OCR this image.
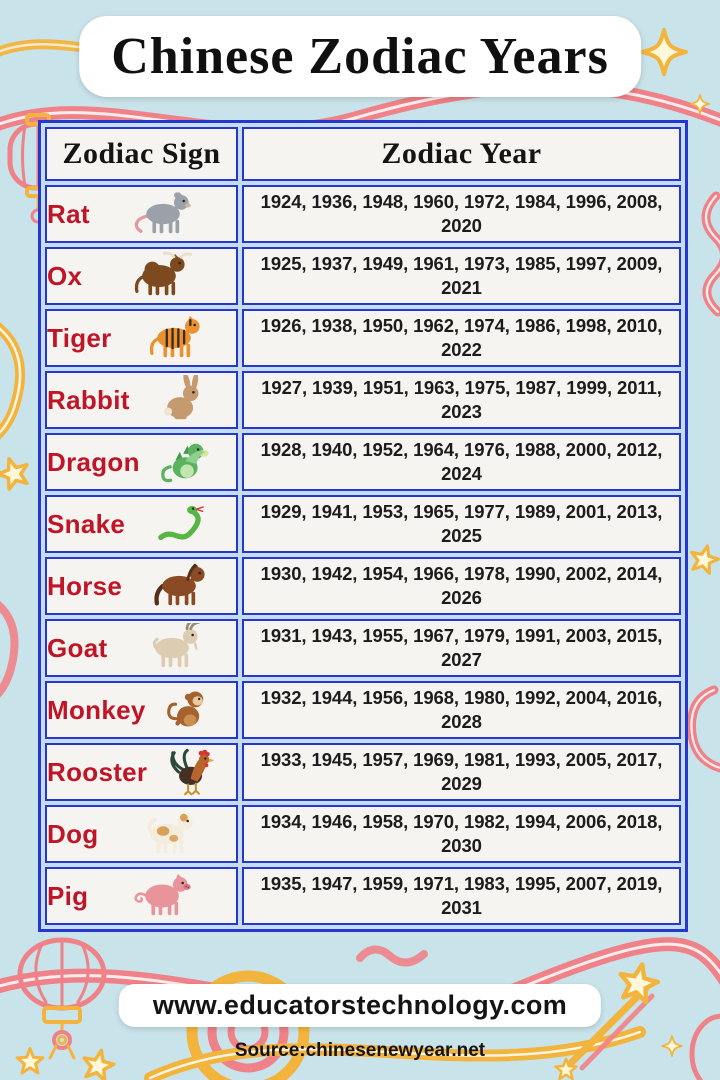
Chinese Zodiac Years
Zodiac Sign	Zodiac Year

Rat	1924, 1936, 1948, 1960, 1972, 1984, 1996, 2008, 2020

Ox	1925, 1937, 1949, 1961, 1973, 1985, 1997, 2009, 2021

Tiger	1926, 1938, 1950, 1962, 1974, 1986, 1998, 2010, 2022

Rabbit	1927, 1939, 1951, 1963, 1975, 1987, 1999, 2011, 2023

Dragon	1928, 1940, 1952, 1964, 1976, 1988, 2000, 2012, 2024

Snake	1929, 1941, 1953, 1965, 1977, 1989, 2001, 2013, 2025

Horse	1930, 1942, 1954, 1966, 1978, 1990, 2002, 2014, 2026

Goat	1931, 1943, 1955, 1967, 1979, 1991, 2003, 2015, 2027

Monkey	1932, 1944, 1956, 1968, 1980, 1992, 2004, 2016, 2028

Rooster	1933, 1945, 1957, 1969, 1981, 1993, 2005, 2017, 2029

Dog	1934, 1946, 1958, 1970, 1982, 1994, 2006, 2018, 2030

Pig	1935, 1947, 1959, 1971, 1983, 1995, 2007, 2019, 2031
www.educatorstechnology.com
Source:chinesenewyear.net
